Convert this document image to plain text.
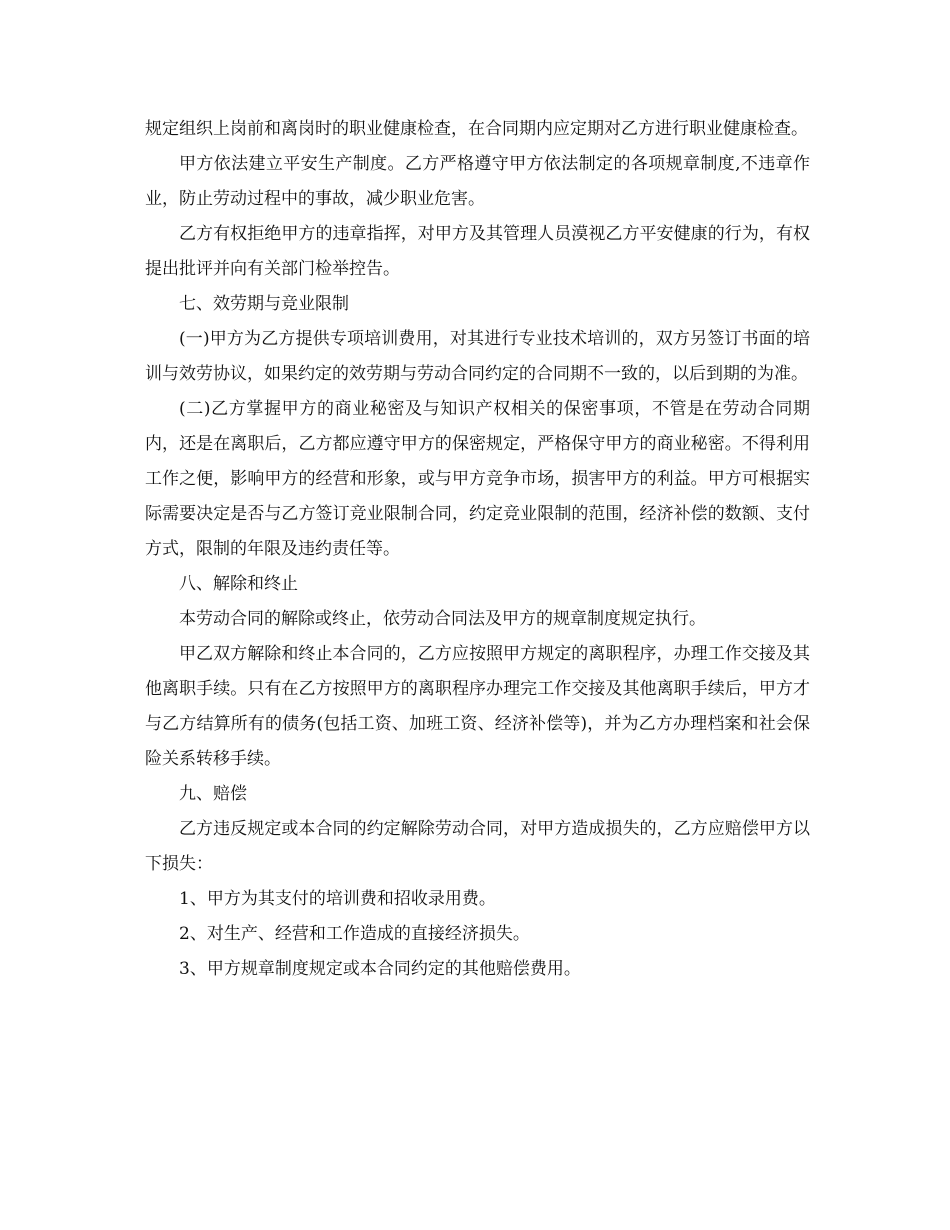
规定组织上岗前和离岗时的职业健康检查，在合同期内应定期对乙方进行职业健康检查。

甲方依法建立平安生产制度。乙方严格遵守甲方依法制定的各项规章制度,不违章作业，防止劳动过程中的事故，减少职业危害。

乙方有权拒绝甲方的违章指挥，对甲方及其管理人员漠视乙方平安健康的行为，有权提出批评并向有关部门检举控告。

七、效劳期与竞业限制

(一)甲方为乙方提供专项培训费用，对其进行专业技术培训的，双方另签订书面的培训与效劳协议，如果约定的效劳期与劳动合同约定的合同期不一致的，以后到期的为准。

(二)乙方掌握甲方的商业秘密及与知识产权相关的保密事项，不管是在劳动合同期内，还是在离职后，乙方都应遵守甲方的保密规定，严格保守甲方的商业秘密。不得利用工作之便，影响甲方的经营和形象，或与甲方竞争市场，损害甲方的利益。甲方可根据实际需要决定是否与乙方签订竞业限制合同，约定竞业限制的范围，经济补偿的数额、支付方式，限制的年限及违约责任等。

八、解除和终止

本劳动合同的解除或终止，依劳动合同法及甲方的规章制度规定执行。

甲乙双方解除和终止本合同的，乙方应按照甲方规定的离职程序，办理工作交接及其他离职手续。只有在乙方按照甲方的离职程序办理完工作交接及其他离职手续后，甲方才与乙方结算所有的债务(包括工资、加班工资、经济补偿等)，并为乙方办理档案和社会保险关系转移手续。

九、赔偿

乙方违反规定或本合同的约定解除劳动合同，对甲方造成损失的，乙方应赔偿甲方以下损失：

1、甲方为其支付的培训费和招收录用费。

2、对生产、经营和工作造成的直接经济损失。

3、甲方规章制度规定或本合同约定的其他赔偿费用。
